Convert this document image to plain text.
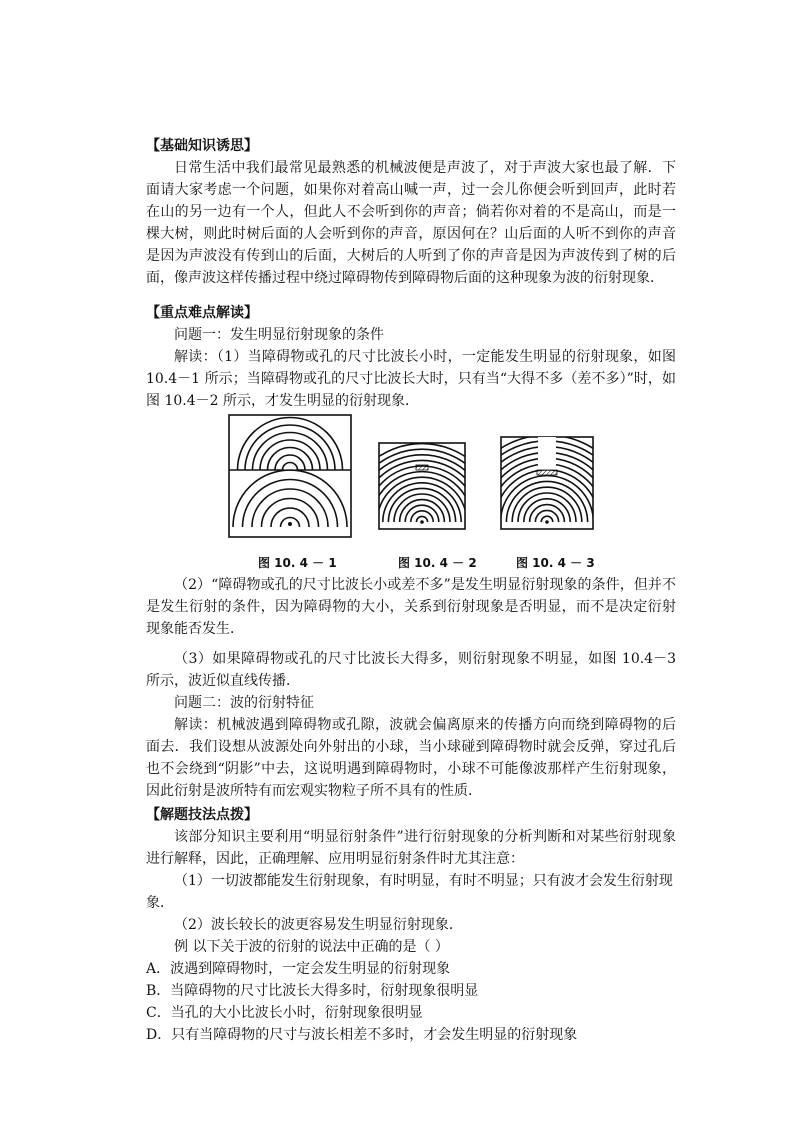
【基础知识诱思】

日常生活中我们最常见最熟悉的机械波便是声波了，对于声波大家也最了解．下面请大家考虑一个问题，如果你对着高山喊一声，过一会儿你便会听到回声，此时若在山的另一边有一个人，但此人不会听到你的声音；倘若你对着的不是高山，而是一棵大树，则此时树后面的人会听到你的声音，原因何在？山后面的人听不到你的声音是因为声波没有传到山的后面，大树后的人听到了你的声音是因为声波传到了树的后面，像声波这样传播过程中绕过障碍物传到障碍物后面的这种现象为波的衍射现象．

【重点难点解读】

问题一：发生明显衍射现象的条件

解读：（1）当障碍物或孔的尺寸比波长小时，一定能发生明显的衍射现象，如图 10.4－1 所示；当障碍物或孔的尺寸比波长大时，只有当“大得不多（差不多）”时，如图 10.4－2 所示，才发生明显的衍射现象．

图 10. 4 － 1	图 10. 4 － 2	图 10. 4 － 3

（2）“障碍物或孔的尺寸比波长小或差不多”是发生明显衍射现象的条件，但并不是发生衍射的条件，因为障碍物的大小，关系到衍射现象是否明显，而不是决定衍射现象能否发生．

（3）如果障碍物或孔的尺寸比波长大得多，则衍射现象不明显，如图 10.4－3 所示，波近似直线传播．

问题二：波的衍射特征

解读：机械波遇到障碍物或孔隙，波就会偏离原来的传播方向而绕到障碍物的后面去．我们设想从波源处向外射出的小球，当小球碰到障碍物时就会反弹，穿过孔后也不会绕到“阴影”中去，这说明遇到障碍物时，小球不可能像波那样产生衍射现象，因此衍射是波所特有而宏观实物粒子所不具有的性质．

【解题技法点拨】

该部分知识主要利用“明显衍射条件”进行衍射现象的分析判断和对某些衍射现象进行解释，因此，正确理解、应用明显衍射条件时尤其注意：

（1）一切波都能发生衍射现象，有时明显，有时不明显；只有波才会发生衍射现象．

（2）波长较长的波更容易发生明显衍射现象．

例 以下关于波的衍射的说法中正确的是（ ）

A．波遇到障碍物时，一定会发生明显的衍射现象

B．当障碍物的尺寸比波长大得多时，衍射现象很明显

C．当孔的大小比波长小时，衍射现象很明显

D．只有当障碍物的尺寸与波长相差不多时，才会发生明显的衍射现象
